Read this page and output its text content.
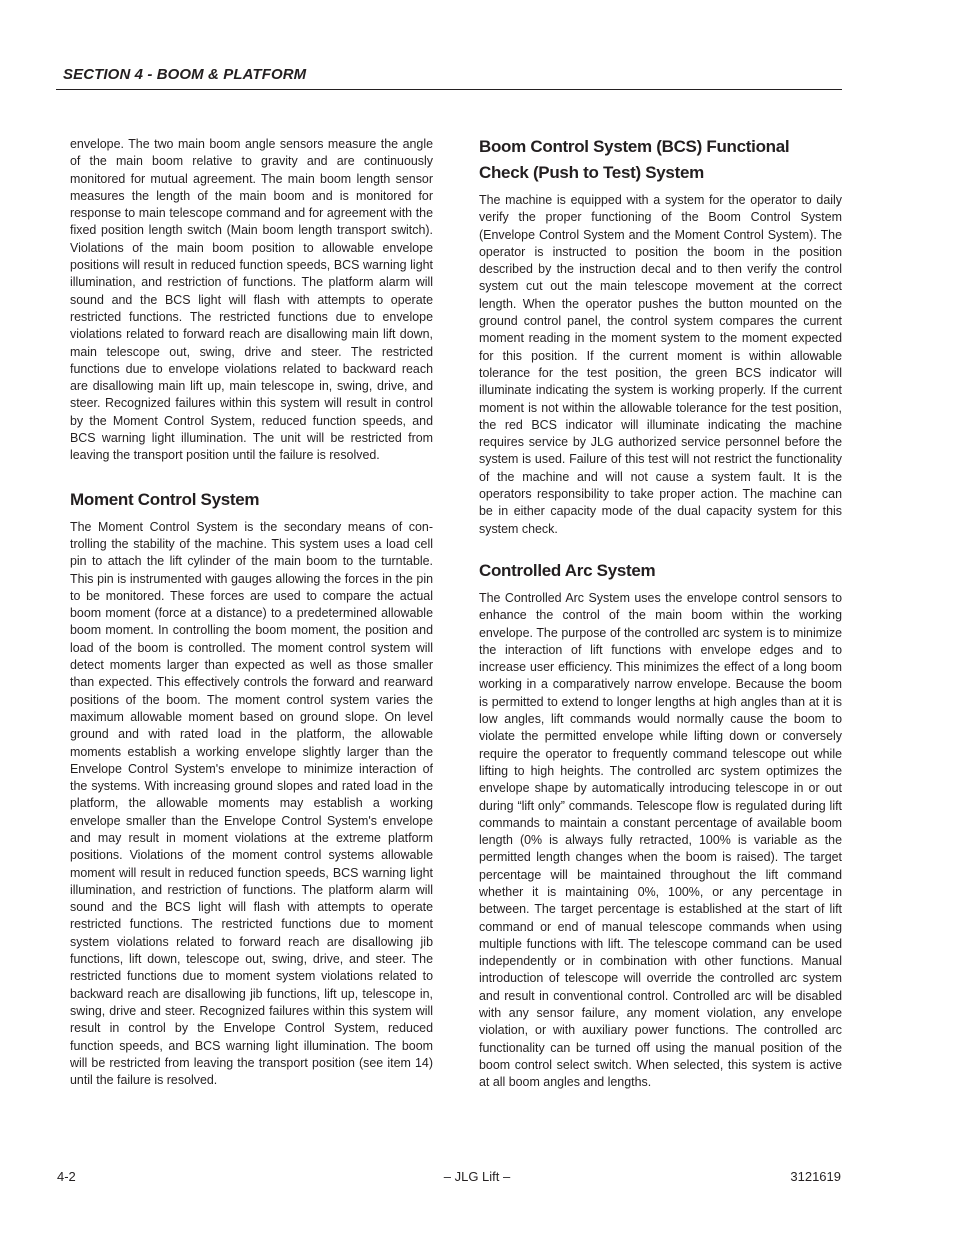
SECTION 4 - BOOM & PLATFORM

envelope. The two main boom angle sensors measure the angle of the main boom relative to gravity and are continuously monitored for mutual agreement. The main boom length sensor measures the length of the main boom and is monitored for response to main telescope command and for agreement with the fixed position length switch (Main boom length transport switch). Violations of the main boom position to allowable envelope positions will result in reduced function speeds, BCS warning light illumination, and restriction of functions. The platform alarm will sound and the BCS light will flash with attempts to operate restricted functions. The restricted functions due to envelope violations related to forward reach are disallowing main lift down, main telescope out, swing, drive and steer. The restricted functions due to envelope violations related to backward reach are disallowing main lift up, main telescope in, swing, drive, and steer. Recognized failures within this system will result in control by the Moment Control System, reduced function speeds, and BCS warning light illumination. The unit will be restricted from leaving the transport position until the failure is resolved.

Moment Control System

The Moment Control System is the secondary means of controlling the stability of the machine. This system uses a load cell pin to attach the lift cylinder of the main boom to the turntable. This pin is instrumented with gauges allowing the forces in the pin to be monitored. These forces are used to compare the actual boom moment (force at a distance) to a predetermined allowable boom moment. In controlling the boom moment, the position and load of the boom is controlled. The moment control system will detect moments larger than expected as well as those smaller than expected. This effectively controls the forward and rearward positions of the boom. The moment control system varies the maximum allowable moment based on ground slope. On level ground and with rated load in the platform, the allowable moments establish a working envelope slightly larger than the Envelope Control System's envelope to minimize interaction of the systems. With increasing ground slopes and rated load in the platform, the allowable moments may establish a working envelope smaller than the Envelope Control System's envelope and may result in moment violations at the extreme platform positions. Violations of the moment control systems allowable moment will result in reduced function speeds, BCS warning light illumination, and restriction of functions. The platform alarm will sound and the BCS light will flash with attempts to operate restricted functions. The restricted functions due to moment system violations related to forward reach are disallowing jib functions, lift down, telescope out, swing, drive, and steer. The restricted functions due to moment system violations related to backward reach are disallowing jib functions, lift up, telescope in, swing, drive and steer. Recognized failures within this system will result in control by the Envelope Control System, reduced function speeds, and BCS warning light illumination. The boom will be restricted from leaving the transport position (see item 14) until the failure is resolved.

Boom Control System (BCS) Functional Check (Push to Test) System

The machine is equipped with a system for the operator to daily verify the proper functioning of the Boom Control System (Envelope Control System and the Moment Control System). The operator is instructed to position the boom in the position described by the instruction decal and to then verify the control system cut out the main telescope movement at the correct length. When the operator pushes the button mounted on the ground control panel, the control system compares the current moment reading in the moment system to the moment expected for this position. If the current moment is within allowable tolerance for the test position, the green BCS indicator will illuminate indicating the system is working properly. If the current moment is not within the allowable tolerance for the test position, the red BCS indicator will illuminate indicating the machine requires service by JLG authorized service personnel before the system is used. Failure of this test will not restrict the functionality of the machine and will not cause a system fault. It is the operators responsibility to take proper action. The machine can be in either capacity mode of the dual capacity system for this system check.

Controlled Arc System

The Controlled Arc System uses the envelope control sensors to enhance the control of the main boom within the working envelope. The purpose of the controlled arc system is to minimize the interaction of lift functions with envelope edges and to increase user efficiency. This minimizes the effect of a long boom working in a comparatively narrow envelope. Because the boom is permitted to extend to longer lengths at high angles than at it is low angles, lift commands would normally cause the boom to violate the permitted envelope while lifting down or conversely require the operator to frequently command telescope out while lifting to high heights. The controlled arc system optimizes the envelope shape by automatically introducing telescope in or out during “lift only” commands. Telescope flow is regulated during lift commands to maintain a constant percentage of available boom length (0% is always fully retracted, 100% is variable as the permitted length changes when the boom is raised). The target percentage will be maintained throughout the lift command whether it is maintaining 0%, 100%, or any percentage in between. The target percentage is established at the start of lift command or end of manual telescope commands when using multiple functions with lift. The telescope command can be used independently or in combination with other functions. Manual introduction of telescope will override the controlled arc system and result in conventional control. Controlled arc will be disabled with any sensor failure, any moment violation, any envelope violation, or with auxiliary power functions. The controlled arc functionality can be turned off using the manual position of the boom control select switch. When selected, this system is active at all boom angles and lengths.

4-2	– JLG Lift –	3121619
